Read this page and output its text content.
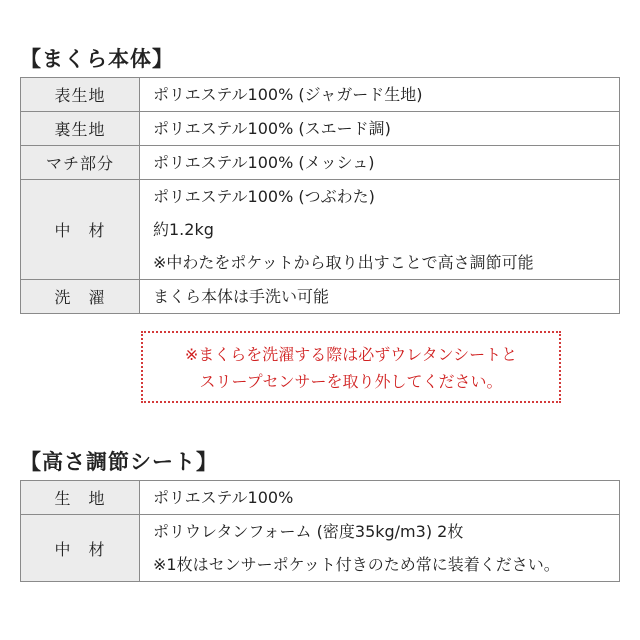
【まくら本体】
表生地	ポリエステル100% (ジャガード生地)

裏生地	ポリエステル100% (スエード調)

マチ部分	ポリエステル100% (メッシュ)

中　材	ポリエステル100% (つぶわた)
約1.2kg
※中わたをポケットから取り出すことで高さ調節可能

洗　濯	まくら本体は手洗い可能
※まくらを洗濯する際は必ずウレタンシートと
スリープセンサーを取り外してください。
【高さ調節シート】
生　地	ポリエステル100%

中　材	ポリウレタンフォーム (密度35kg/m3) 2枚
※1枚はセンサーポケット付きのため常に装着ください。
